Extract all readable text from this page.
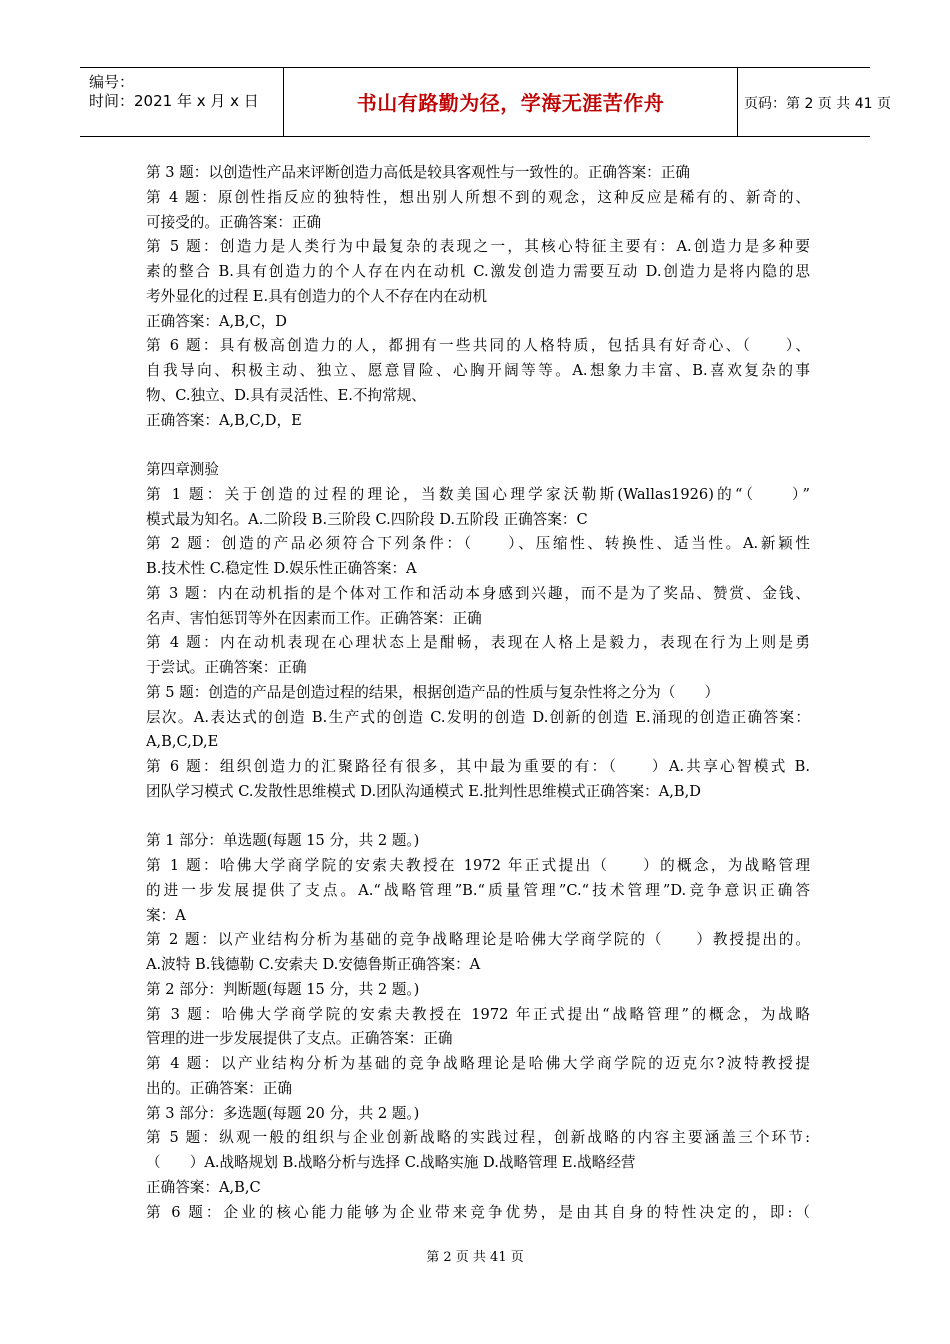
编号：
时间：2021 年 x 月 x 日	书山有路勤为径，学海无涯苦作舟	页码：第 2 页 共 41 页
第 3 题：以创造性产品来评断创造力高低是较具客观性与一致性的。正确答案：正确
第 4 题：原创性指反应的独特性，想出别人所想不到的观念，这种反应是稀有的、新奇的、
可接受的。正确答案：正确
第 5 题：创造力是人类行为中最复杂的表现之一，其核心特征主要有：A.创造力是多种要
素的整合 B.具有创造力的个人存在内在动机 C.激发创造力需要互动 D.创造力是将内隐的思
考外显化的过程 E.具有创造力的个人不存在内在动机
正确答案：A,B,C，D
第 6 题：具有极高创造力的人，都拥有一些共同的人格特质，包括具有好奇心、（　　）、
自我导向、积极主动、独立、愿意冒险、心胸开阔等等。A.想象力丰富、B.喜欢复杂的事
物、C.独立、D.具有灵活性、E.不拘常规、
正确答案：A,B,C,D，E
第四章测验
第 1 题：关于创造的过程的理论，当数美国心理学家沃勒斯(Wallas1926)的“（　　）”
模式最为知名。A.二阶段 B.三阶段 C.四阶段 D.五阶段 正确答案：C
第 2 题：创造的产品必须符合下列条件：（　　）、压缩性、转换性、适当性。A.新颖性
B.技术性 C.稳定性 D.娱乐性正确答案：A
第 3 题：内在动机指的是个体对工作和活动本身感到兴趣，而不是为了奖品、赞赏、金钱、
名声、害怕惩罚等外在因素而工作。正确答案：正确
第 4 题：内在动机表现在心理状态上是酣畅，表现在人格上是毅力，表现在行为上则是勇
于尝试。正确答案：正确
第 5 题：创造的产品是创造过程的结果，根据创造产品的性质与复杂性将之分为（　　）
层次。A.表达式的创造 B.生产式的创造 C.发明的创造 D.创新的创造 E.涌现的创造正确答案：
A,B,C,D,E
第 6 题：组织创造力的汇聚路径有很多，其中最为重要的有：（　　）A.共享心智模式 B.
团队学习模式 C.发散性思维模式 D.团队沟通模式 E.批判性思维模式正确答案：A,B,D
第 1 部分：单选题(每题 15 分，共 2 题。)
第 1 题：哈佛大学商学院的安索夫教授在 1972 年正式提出（　　）的概念，为战略管理
的进一步发展提供了支点。A.“战略管理”B.“质量管理”C.“技术管理”D.竞争意识正确答
案：A
第 2 题：以产业结构分析为基础的竞争战略理论是哈佛大学商学院的（　　）教授提出的。
A.波特 B.钱德勒 C.安索夫 D.安德鲁斯正确答案：A
第 2 部分：判断题(每题 15 分，共 2 题。)
第 3 题：哈佛大学商学院的安索夫教授在 1972 年正式提出“战略管理”的概念，为战略
管理的进一步发展提供了支点。正确答案：正确
第 4 题：以产业结构分析为基础的竞争战略理论是哈佛大学商学院的迈克尔?波特教授提
出的。正确答案：正确
第 3 部分：多选题(每题 20 分，共 2 题。)
第 5 题：纵观一般的组织与企业创新战略的实践过程，创新战略的内容主要涵盖三个环节:
（　　）A.战略规划 B.战略分析与选择 C.战略实施 D.战略管理 E.战略经营
正确答案：A,B,C
第 6 题：企业的核心能力能够为企业带来竞争优势，是由其自身的特性决定的，即:（
第 2 页 共 41 页
